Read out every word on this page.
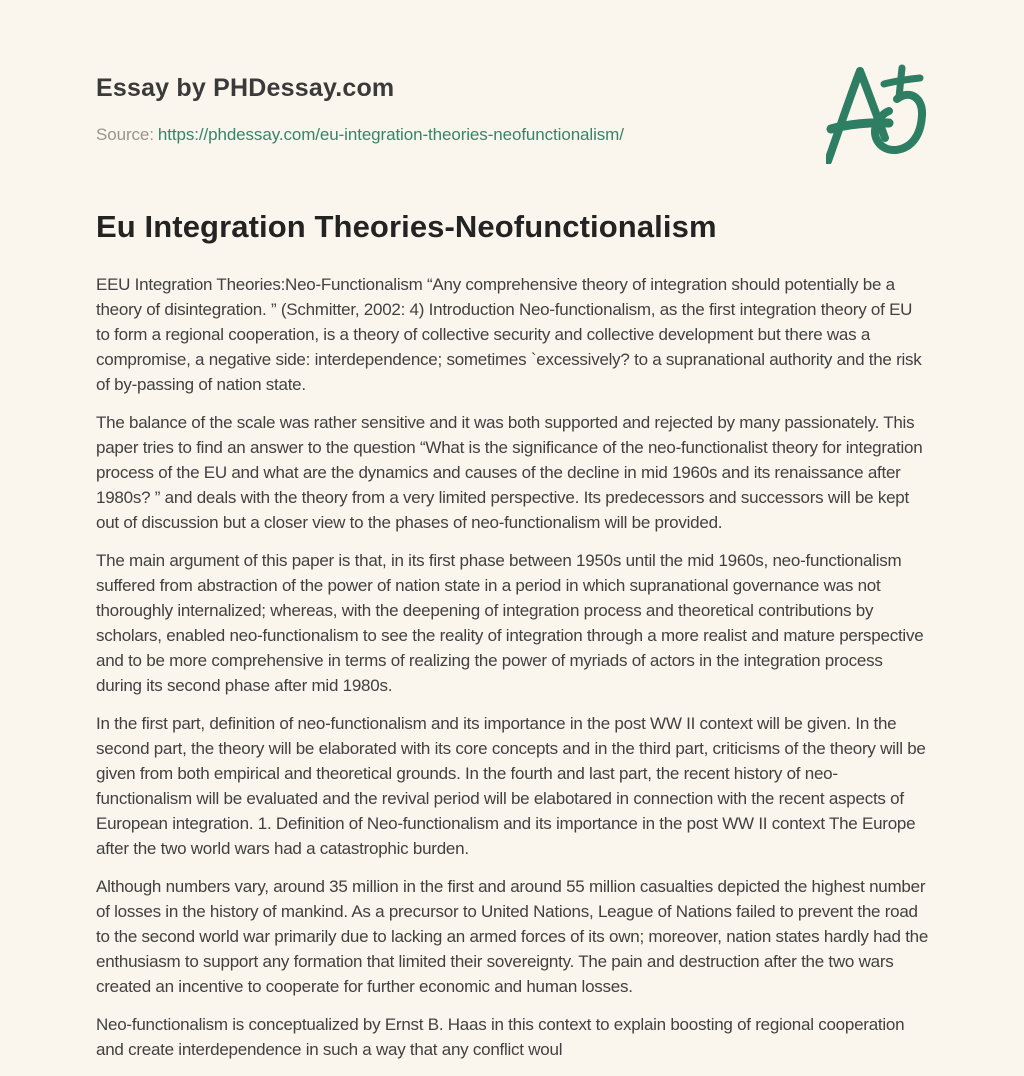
Essay by PHDessay.com
Source: https://phdessay.com/eu-integration-theories-neofunctionalism/
Eu Integration Theories-Neofunctionalism

EEU Integration Theories:Neo-Functionalism “Any comprehensive theory of integration should potentially be a theory of disintegration. ” (Schmitter, 2002: 4) Introduction Neo-functionalism, as the first integration theory of EU to form a regional cooperation, is a theory of collective security and collective development but there was a compromise, a negative side: interdependence; sometimes `excessively? to a supranational authority and the risk of by-passing of nation state.

The balance of the scale was rather sensitive and it was both supported and rejected by many passionately. This paper tries to find an answer to the question “What is the significance of the neo-functionalist theory for integration process of the EU and what are the dynamics and causes of the decline in mid 1960s and its renaissance after 1980s? ” and deals with the theory from a very limited perspective. Its predecessors and successors will be kept out of discussion but a closer view to the phases of neo-functionalism will be provided.

The main argument of this paper is that, in its first phase between 1950s until the mid 1960s, neo-functionalism suffered from abstraction of the power of nation state in a period in which supranational governance was not thoroughly internalized; whereas, with the deepening of integration process and theoretical contributions by scholars, enabled neo-functionalism to see the reality of integration through a more realist and mature perspective and to be more comprehensive in terms of realizing the power of myriads of actors in the integration process during its second phase after mid 1980s.

In the first part, definition of neo-functionalism and its importance in the post WW II context will be given. In the second part, the theory will be elaborated with its core concepts and in the third part, criticisms of the theory will be given from both empirical and theoretical grounds. In the fourth and last part, the recent history of neo-functionalism will be evaluated and the revival period will be elabotared in connection with the recent aspects of European integration. 1. Definition of Neo-functionalism and its importance in the post WW II context The Europe after the two world wars had a catastrophic burden.

Although numbers vary, around 35 million in the first and around 55 million casualties depicted the highest number of losses in the history of mankind. As a precursor to United Nations, League of Nations failed to prevent the road to the second world war primarily due to lacking an armed forces of its own; moreover, nation states hardly had the enthusiasm to support any formation that limited their sovereignty. The pain and destruction after the two wars created an incentive to cooperate for further economic and human losses.

Neo-functionalism is conceptualized by Ernst B. Haas in this context to explain boosting of regional cooperation and create interdependence in such a way that any conflict woul
